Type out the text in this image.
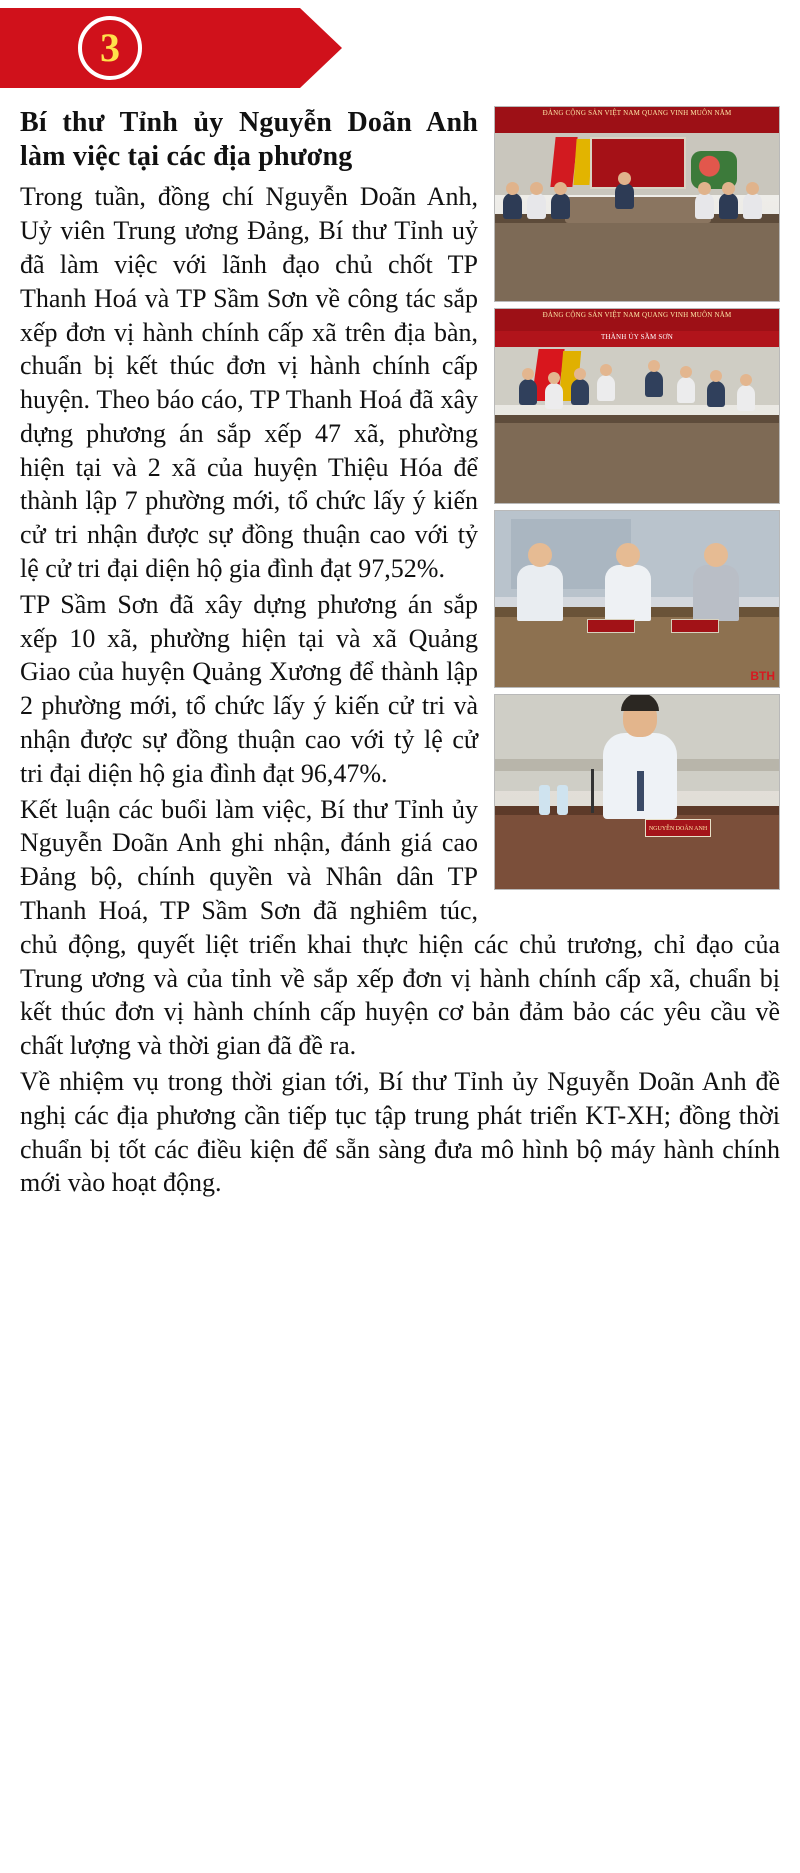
3
ĐẢNG CỘNG SẢN VIỆT NAM QUANG VINH MUÔN NĂM
ĐẢNG CỘNG SẢN VIỆT NAM QUANG VINH MUÔN NĂM
THÀNH ỦY SẦM SƠN
BTH
NGUYỄN DOÃN ANH
Bí thư Tỉnh ủy Nguyễn Doãn Anh làm việc tại các địa phương

Trong tuần, đồng chí Nguyễn Doãn Anh, Uỷ viên Trung ương Đảng, Bí thư Tỉnh uỷ đã làm việc với lãnh đạo chủ chốt TP Thanh Hoá và TP Sầm Sơn về công tác sắp xếp đơn vị hành chính cấp xã trên địa bàn, chuẩn bị kết thúc đơn vị hành chính cấp huyện. Theo báo cáo, TP Thanh Hoá đã xây dựng phương án sắp xếp 47 xã, phường hiện tại và 2 xã của huyện Thiệu Hóa để thành lập 7 phường mới, tổ chức lấy ý kiến cử tri nhận được sự đồng thuận cao với tỷ lệ cử tri đại diện hộ gia đình đạt 97,52%.

TP Sầm Sơn đã xây dựng phương án sắp xếp 10 xã, phường hiện tại và xã Quảng Giao của huyện Quảng Xương để thành lập 2 phường mới, tổ chức lấy ý kiến cử tri và nhận được sự đồng thuận cao với tỷ lệ cử tri đại diện hộ gia đình đạt 96,47%.

Kết luận các buổi làm việc, Bí thư Tỉnh ủy Nguyễn Doãn Anh ghi nhận, đánh giá cao Đảng bộ, chính quyền và Nhân dân TP Thanh Hoá, TP Sầm Sơn đã nghiêm túc, chủ động, quyết liệt triển khai thực hiện các chủ trương, chỉ đạo của Trung ương và của tỉnh về sắp xếp đơn vị hành chính cấp xã, chuẩn bị kết thúc đơn vị hành chính cấp huyện cơ bản đảm bảo các yêu cầu về chất lượng và thời gian đã đề ra.

Về nhiệm vụ trong thời gian tới, Bí thư Tỉnh ủy Nguyễn Doãn Anh đề nghị các địa phương cần tiếp tục tập trung phát triển KT-XH; đồng thời chuẩn bị tốt các điều kiện để sẵn sàng đưa mô hình bộ máy hành chính mới vào hoạt động.
